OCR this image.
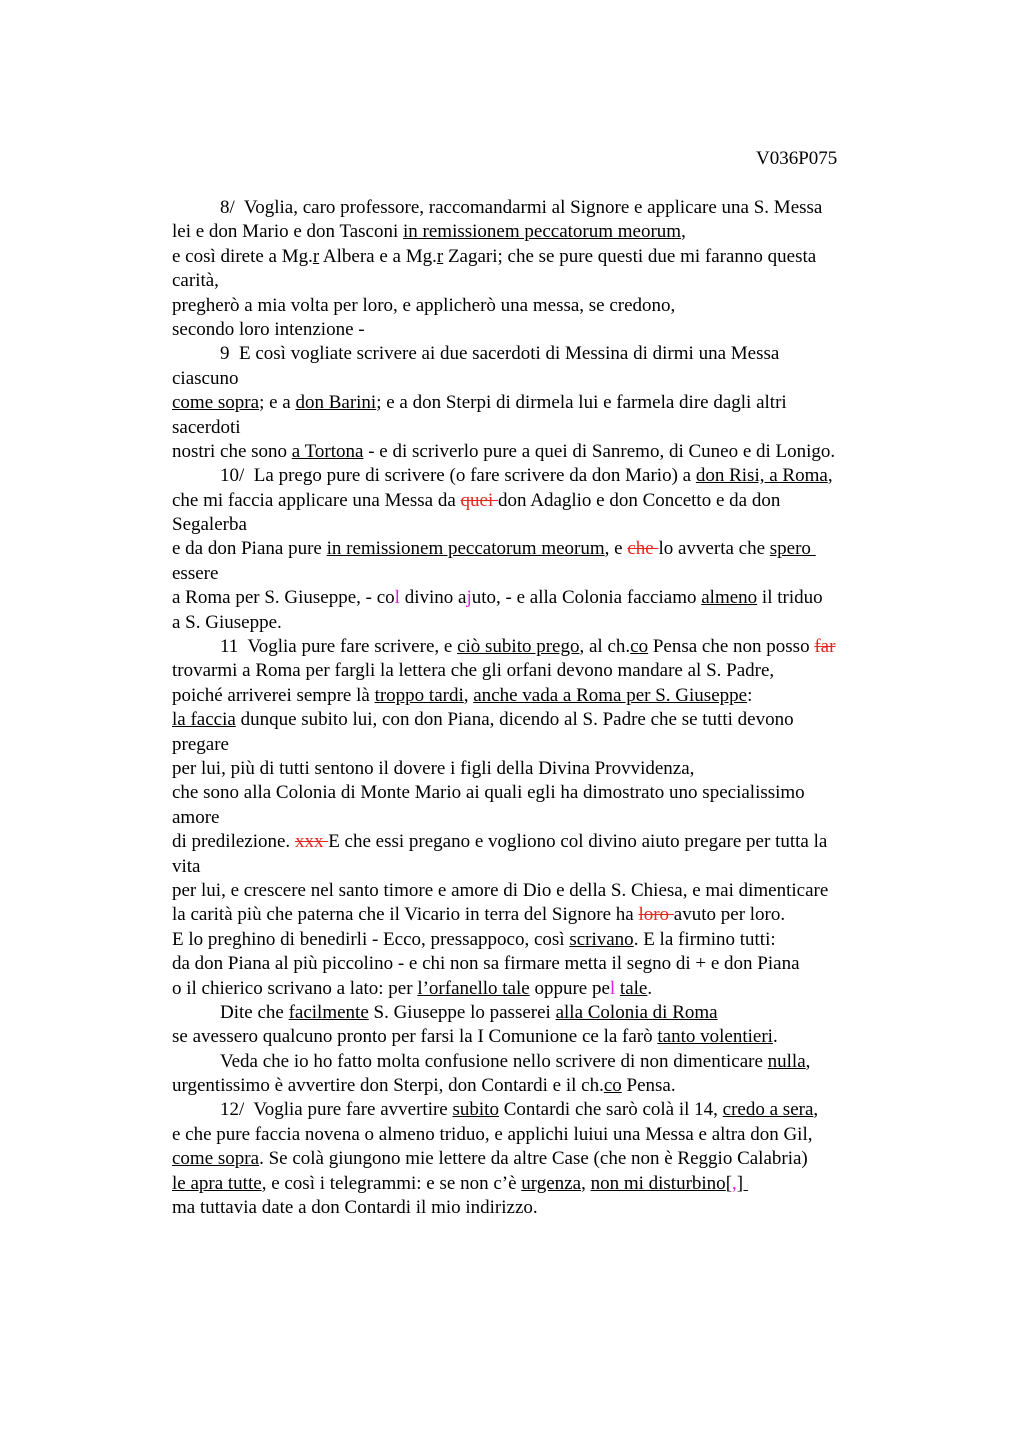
V036P075
8/  Voglia, caro professore, raccomandarmi al Signore e applicare una S. Messa
lei e don Mario e don Tasconi in remissionem peccatorum meorum,
e così direte a Mg.r Albera e a Mg.r Zagari; che se pure questi due mi faranno questa
carità,
pregherò a mia volta per loro, e applicherò una messa, se credono,
secondo loro intenzione -
9  E così vogliate scrivere ai due sacerdoti di Messina di dirmi una Messa
ciascuno
come sopra; e a don Barini; e a don Sterpi di dirmela lui e farmela dire dagli altri
sacerdoti
nostri che sono a Tortona - e di scriverlo pure a quei di Sanremo, di Cuneo e di Lonigo.
10/  La prego pure di scrivere (o fare scrivere da don Mario) a don Risi, a Roma,
che mi faccia applicare una Messa da quei don Adaglio e don Concetto e da don
Segalerba
e da don Piana pure in remissionem peccatorum meorum, e che lo avverta che spero
essere
a Roma per S. Giuseppe, - col divino ajuto, - e alla Colonia facciamo almeno il triduo
a S. Giuseppe.
11  Voglia pure fare scrivere, e ciò subito prego, al ch.co Pensa che non posso far
trovarmi a Roma per fargli la lettera che gli orfani devono mandare al S. Padre,
poiché arriverei sempre là troppo tardi, anche vada a Roma per S. Giuseppe:
la faccia dunque subito lui, con don Piana, dicendo al S. Padre che se tutti devono
pregare
per lui, più di tutti sentono il dovere i figli della Divina Provvidenza,
che sono alla Colonia di Monte Mario ai quali egli ha dimostrato uno specialissimo
amore
di predilezione. xxx E che essi pregano e vogliono col divino aiuto pregare per tutta la
vita
per lui, e crescere nel santo timore e amore di Dio e della S. Chiesa, e mai dimenticare
la carità più che paterna che il Vicario in terra del Signore ha loro avuto per loro.
E lo preghino di benedirli - Ecco, pressappoco, così scrivano. E la firmino tutti:
da don Piana al più piccolino - e chi non sa firmare metta il segno di + e don Piana
o il chierico scrivano a lato: per l’orfanello tale oppure pel tale.
Dite che facilmente S. Giuseppe lo passerei alla Colonia di Roma
se avessero qualcuno pronto per farsi la I Comunione ce la farò tanto volentieri.
Veda che io ho fatto molta confusione nello scrivere di non dimenticare nulla,
urgentissimo è avvertire don Sterpi, don Contardi e il ch.co Pensa.
12/  Voglia pure fare avvertire subito Contardi che sarò colà il 14, credo a sera,
e che pure faccia novena o almeno triduo, e applichi luiui una Messa e altra don Gil,
come sopra. Se colà giungono mie lettere da altre Case (che non è Reggio Calabria)
le apra tutte, e così i telegrammi: e se non c’è urgenza, non mi disturbino[,]
ma tuttavia date a don Contardi il mio indirizzo.
